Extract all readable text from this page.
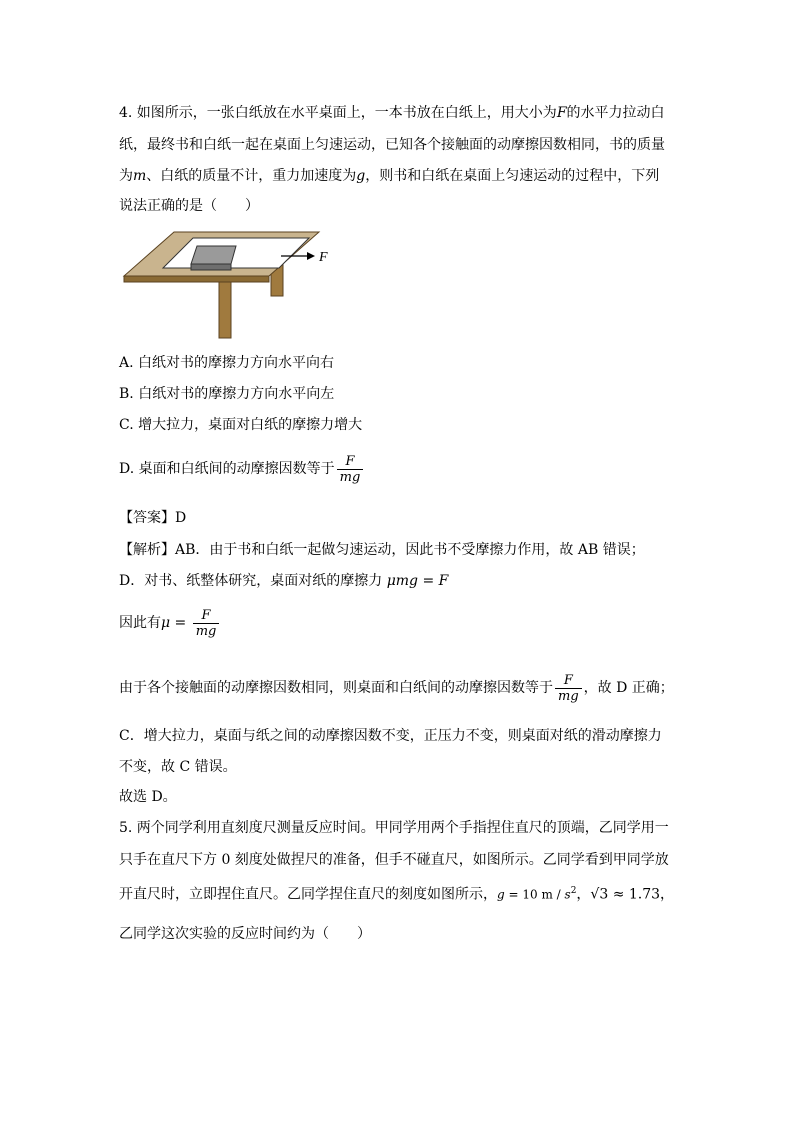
4. 如图所示，一张白纸放在水平桌面上，一本书放在白纸上，用大小为F的水平力拉动白
纸，最终书和白纸一起在桌面上匀速运动，已知各个接触面的动摩擦因数相同，书的质量
为m、白纸的质量不计，重力加速度为g，则书和白纸在桌面上匀速运动的过程中，下列
说法正确的是（　　）
F
A. 白纸对书的摩擦力方向水平向右
B. 白纸对书的摩擦力方向水平向左
C. 增大拉力，桌面对白纸的摩擦力增大
D. 桌面和白纸间的动摩擦因数等于 $\frac{F}{mg}$
【答案】D
【解析】AB．由于书和白纸一起做匀速运动，因此书不受摩擦力作用，故 AB 错误；
D．对书、纸整体研究，桌面对纸的摩擦力 μmg = F
因此有$\mu = \frac{F}{mg}$
由于各个接触面的动摩擦因数相同，则桌面和白纸间的动摩擦因数等于 $\frac{F}{mg}$ ，故 D 正确；
C．增大拉力，桌面与纸之间的动摩擦因数不变，正压力不变，则桌面对纸的滑动摩擦力
不变，故 C 错误。
故选 D。
5. 两个同学利用直刻度尺测量反应时间。甲同学用两个手指捏住直尺的顶端，乙同学用一
只手在直尺下方 0 刻度处做捏尺的准备，但手不碰直尺，如图所示。乙同学看到甲同学放
开直尺时，立即捏住直尺。乙同学捏住直尺的刻度如图所示，g = 10 m / $s^2$，√3 ≈ 1.73，
乙同学这次实验的反应时间约为（　　）
